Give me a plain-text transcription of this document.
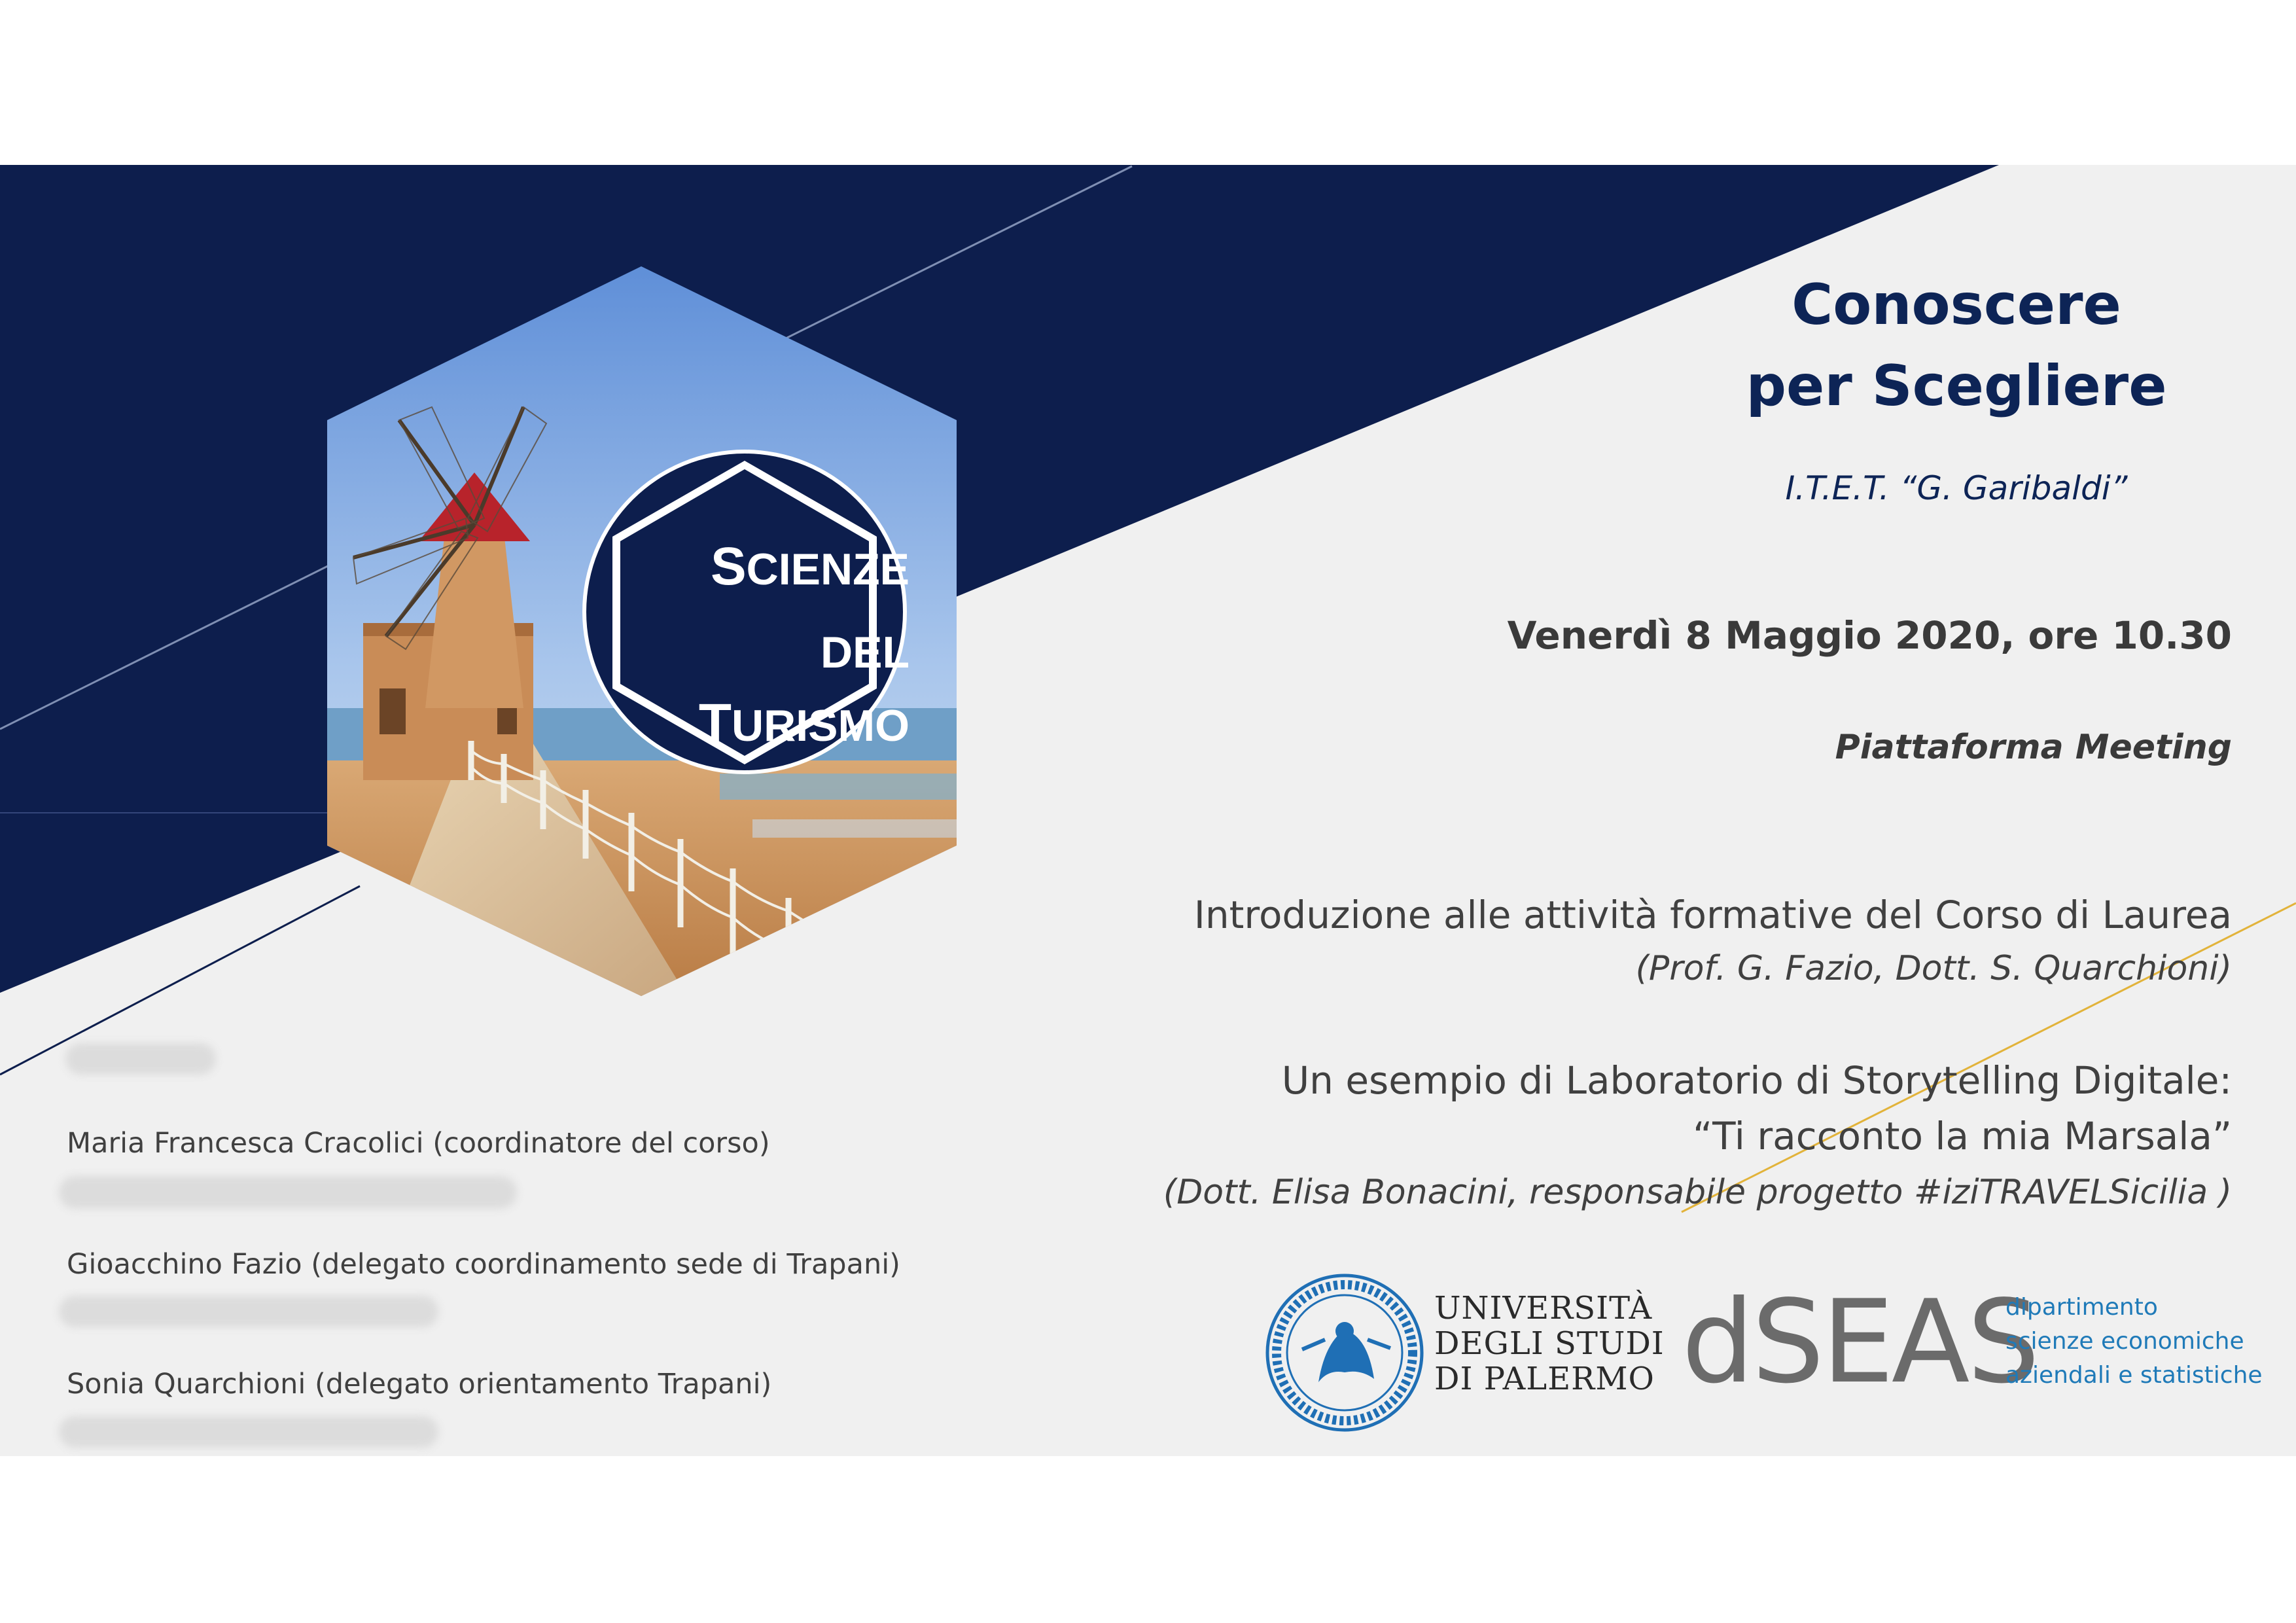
SCIENZE
DEL
TURISMO
Conoscere
per Scegliere
I.T.E.T. “G. Garibaldi”
Venerdì 8 Maggio 2020, ore 10.30
Piattaforma Meeting
Introduzione alle attività formative del Corso di Laurea
(Prof. G. Fazio, Dott. S. Quarchioni)
Un esempio di Laboratorio di Storytelling Digitale:
“Ti racconto la mia Marsala”
(Dott. Elisa Bonacini, responsabile progetto #iziTRAVELSicilia )
Maria Francesca Cracolici (coordinatore del corso)
Gioacchino Fazio (delegato coordinamento sede di Trapani)
Sonia Quarchioni (delegato orientamento Trapani)
UNIVERSITÀ
DEGLI STUDI
DI PALERMO dSEAS
dipartimento
scienze economiche
aziendali e statistiche
